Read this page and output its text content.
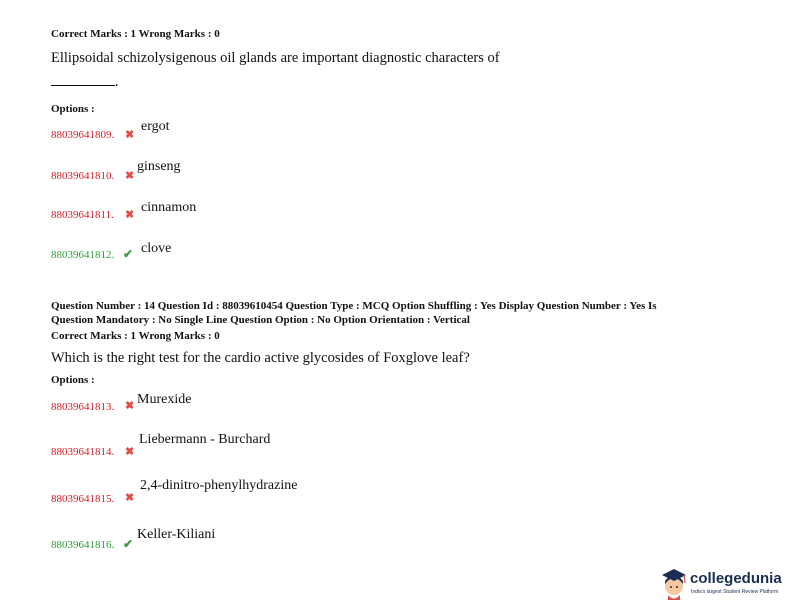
Correct Marks : 1 Wrong Marks : 0
Ellipsoidal schizolysigenous oil glands are important diagnostic characters of
.
Options :
88039641809. ✖
ergot
88039641810. ✖
ginseng
88039641811. ✖ cinnamon
88039641812. ✔ clove
Question Number : 14 Question Id : 88039610454 Question Type : MCQ Option Shuffling : Yes Display Question Number : Yes Is
Question Mandatory : No Single Line Question Option : No Option Orientation : Vertical
Correct Marks : 1 Wrong Marks : 0
Which is the right test for the cardio active glycosides of Foxglove leaf?
Options :
88039641813. ✖ Murexide
88039641814. ✖
Liebermann - Burchard
88039641815. ✖
2,4-dinitro-phenylhydrazine
88039641816. ✔
Keller-Kiliani
collegedunia
India's largest Student Review Platform
